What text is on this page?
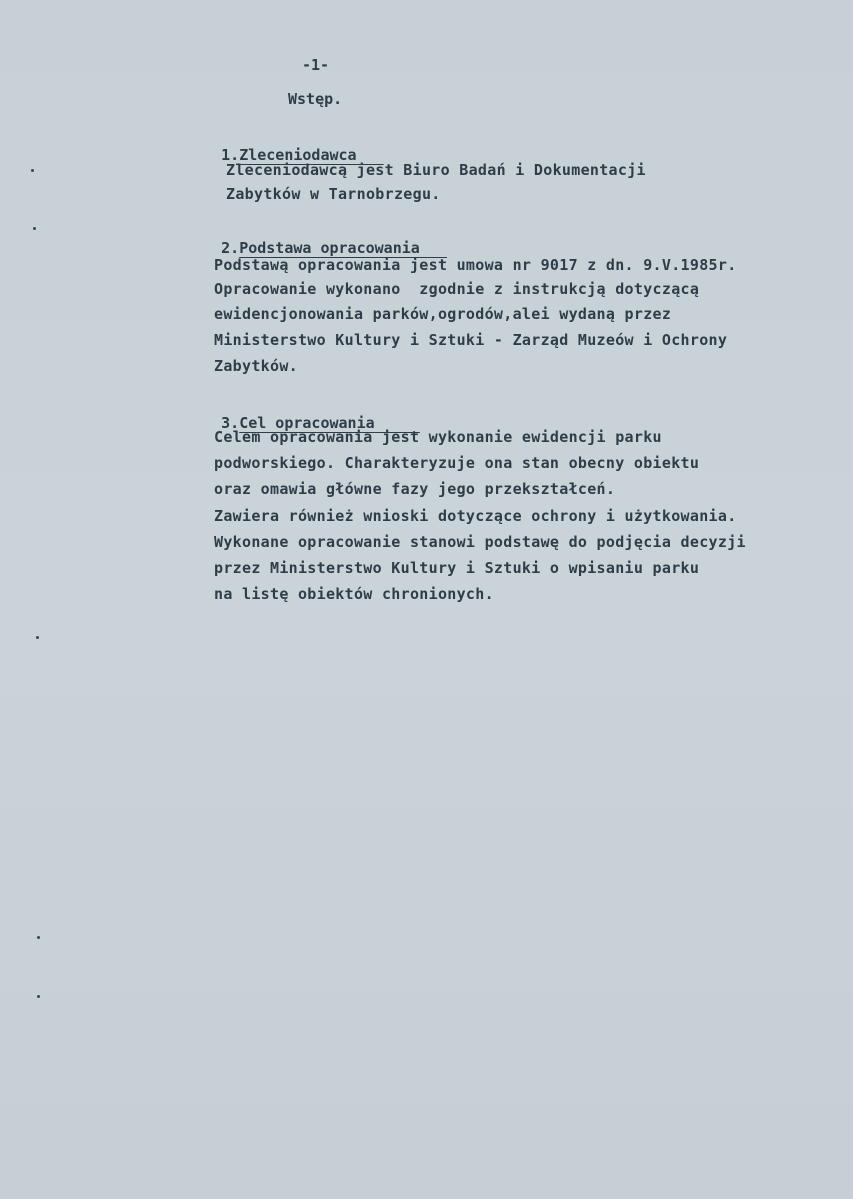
-1-
Wstęp.

1.Zleceniodawca

Zleceniodawcą jest Biuro Badań i Dokumentacji
Zabytków w Tarnobrzegu.

2.Podstawa opracowania

Podstawą opracowania jest umowa nr 9017 z dn. 9.V.1985r.
Opracowanie wykonano  zgodnie z instrukcją dotyczącą
ewidencjonowania parków,ogrodów,alei wydaną przez
Ministerstwo Kultury i Sztuki - Zarząd Muzeów i Ochrony
Zabytków.

3.Cel opracowania

Celem opracowania jest wykonanie ewidencji parku
podworskiego. Charakteryzuje ona stan obecny obiektu
oraz omawia główne fazy jego przekształceń.
Zawiera również wnioski dotyczące ochrony i użytkowania.
Wykonane opracowanie stanowi podstawę do podjęcia decyzji
przez Ministerstwo Kultury i Sztuki o wpisaniu parku
na listę obiektów chronionych.
